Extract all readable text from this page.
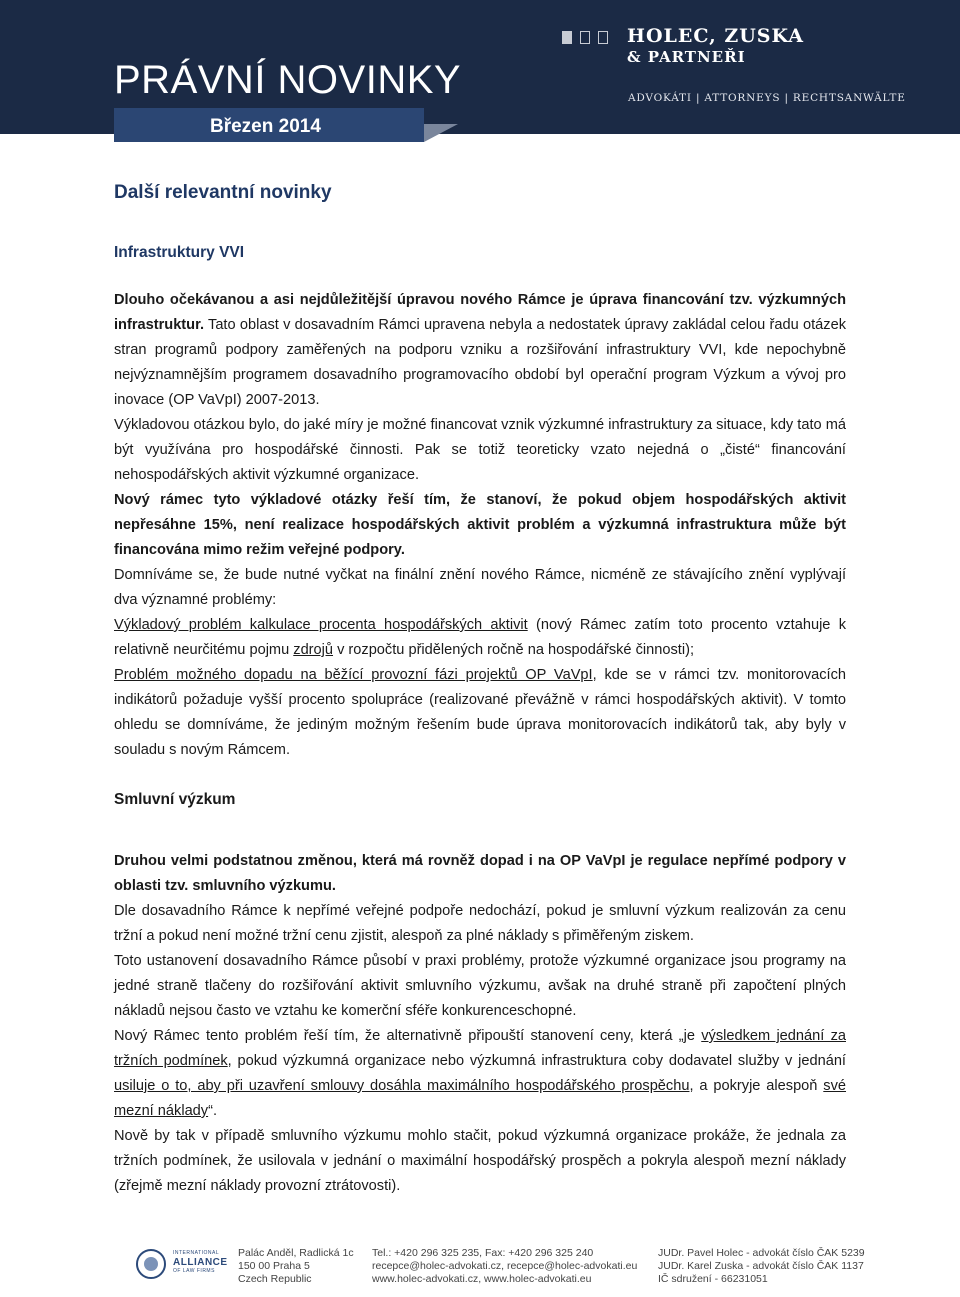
HOLEC, ZUSKA
& PARTNEŘI
ADVOKÁTI | ATTORNEYS | RECHTSANWÄLTE
PRÁVNÍ NOVINKY
Březen 2014
Další relevantní novinky
Infrastruktury VVI

Dlouho očekávanou a asi nejdůležitější úpravou nového Rámce je úprava financování tzv. výzkumných infrastruktur. Tato oblast v dosavadním Rámci upravena nebyla a nedostatek úpravy zakládal celou řadu otázek stran programů podpory zaměřených na podporu vzniku a rozšiřování infrastruktury VVI, kde nepochybně nejvýznamnějším programem dosavadního programovacího období byl operační program Výzkum a vývoj pro inovace (OP VaVpI) 2007-2013.

Výkladovou otázkou bylo, do jaké míry je možné financovat vznik výzkumné infrastruktury za situace, kdy tato má být využívána pro hospodářské činnosti. Pak se totiž teoreticky vzato nejedná o „čisté“ financování nehospodářských aktivit výzkumné organizace.

Nový rámec tyto výkladové otázky řeší tím, že stanoví, že pokud objem hospodářských aktivit nepřesáhne 15%, není realizace hospodářských aktivit problém a výzkumná infrastruktura může být financována mimo režim veřejné podpory.

Domníváme se, že bude nutné vyčkat na finální znění nového Rámce, nicméně ze stávajícího znění vyplývají dva významné problémy:

Výkladový problém kalkulace procenta hospodářských aktivit (nový Rámec zatím toto procento vztahuje k relativně neurčitému pojmu zdrojů v rozpočtu přidělených ročně na hospodářské činnosti);

Problém možného dopadu na běžící provozní fázi projektů OP VaVpI, kde se v rámci tzv. monitorovacích indikátorů požaduje vyšší procento spolupráce (realizované převážně v rámci hospodářských aktivit). V tomto ohledu se domníváme, že jediným možným řešením bude úprava monitorovacích indikátorů tak, aby byly v souladu s novým Rámcem.

Smluvní výzkum

Druhou velmi podstatnou změnou, která má rovněž dopad i na OP VaVpI je regulace nepřímé podpory v oblasti tzv. smluvního výzkumu.

Dle dosavadního Rámce k nepřímé veřejné podpoře nedochází, pokud je smluvní výzkum realizován za cenu tržní a pokud není možné tržní cenu zjistit, alespoň za plné náklady s přiměřeným ziskem.

Toto ustanovení dosavadního Rámce působí v praxi problémy, protože výzkumné organizace jsou programy na jedné straně tlačeny do rozšiřování aktivit smluvního výzkumu, avšak na druhé straně při započtení plných nákladů nejsou často ve vztahu ke komerční sféře konkurenceschopné.

Nový Rámec tento problém řeší tím, že alternativně připouští stanovení ceny, která „je výsledkem jednání za tržních podmínek, pokud výzkumná organizace nebo výzkumná infrastruktura coby dodavatel služby v jednání usiluje o to, aby při uzavření smlouvy dosáhla maximálního hospodářského prospěchu, a pokryje alespoň své mezní náklady“.

Nově by tak v případě smluvního výzkumu mohlo stačit, pokud výzkumná organizace prokáže, že jednala za tržních podmínek, že usilovala v jednání o maximální hospodářský prospěch a pokryla alespoň mezní náklady (zřejmě mezní náklady provozní ztrátovosti).

INTERNATIONAL
ALLIANCE
OF LAW FIRMS
Palác Anděl, Radlická 1c
150 00 Praha 5
Czech Republic
Tel.: +420 296 325 235, Fax: +420 296 325 240
recepce@holec-advokati.cz, recepce@holec-advokati.eu
www.holec-advokati.cz, www.holec-advokati.eu
JUDr. Pavel Holec - advokát číslo ČAK 5239
JUDr. Karel Zuska - advokát číslo ČAK 1137
IČ sdružení - 66231051
